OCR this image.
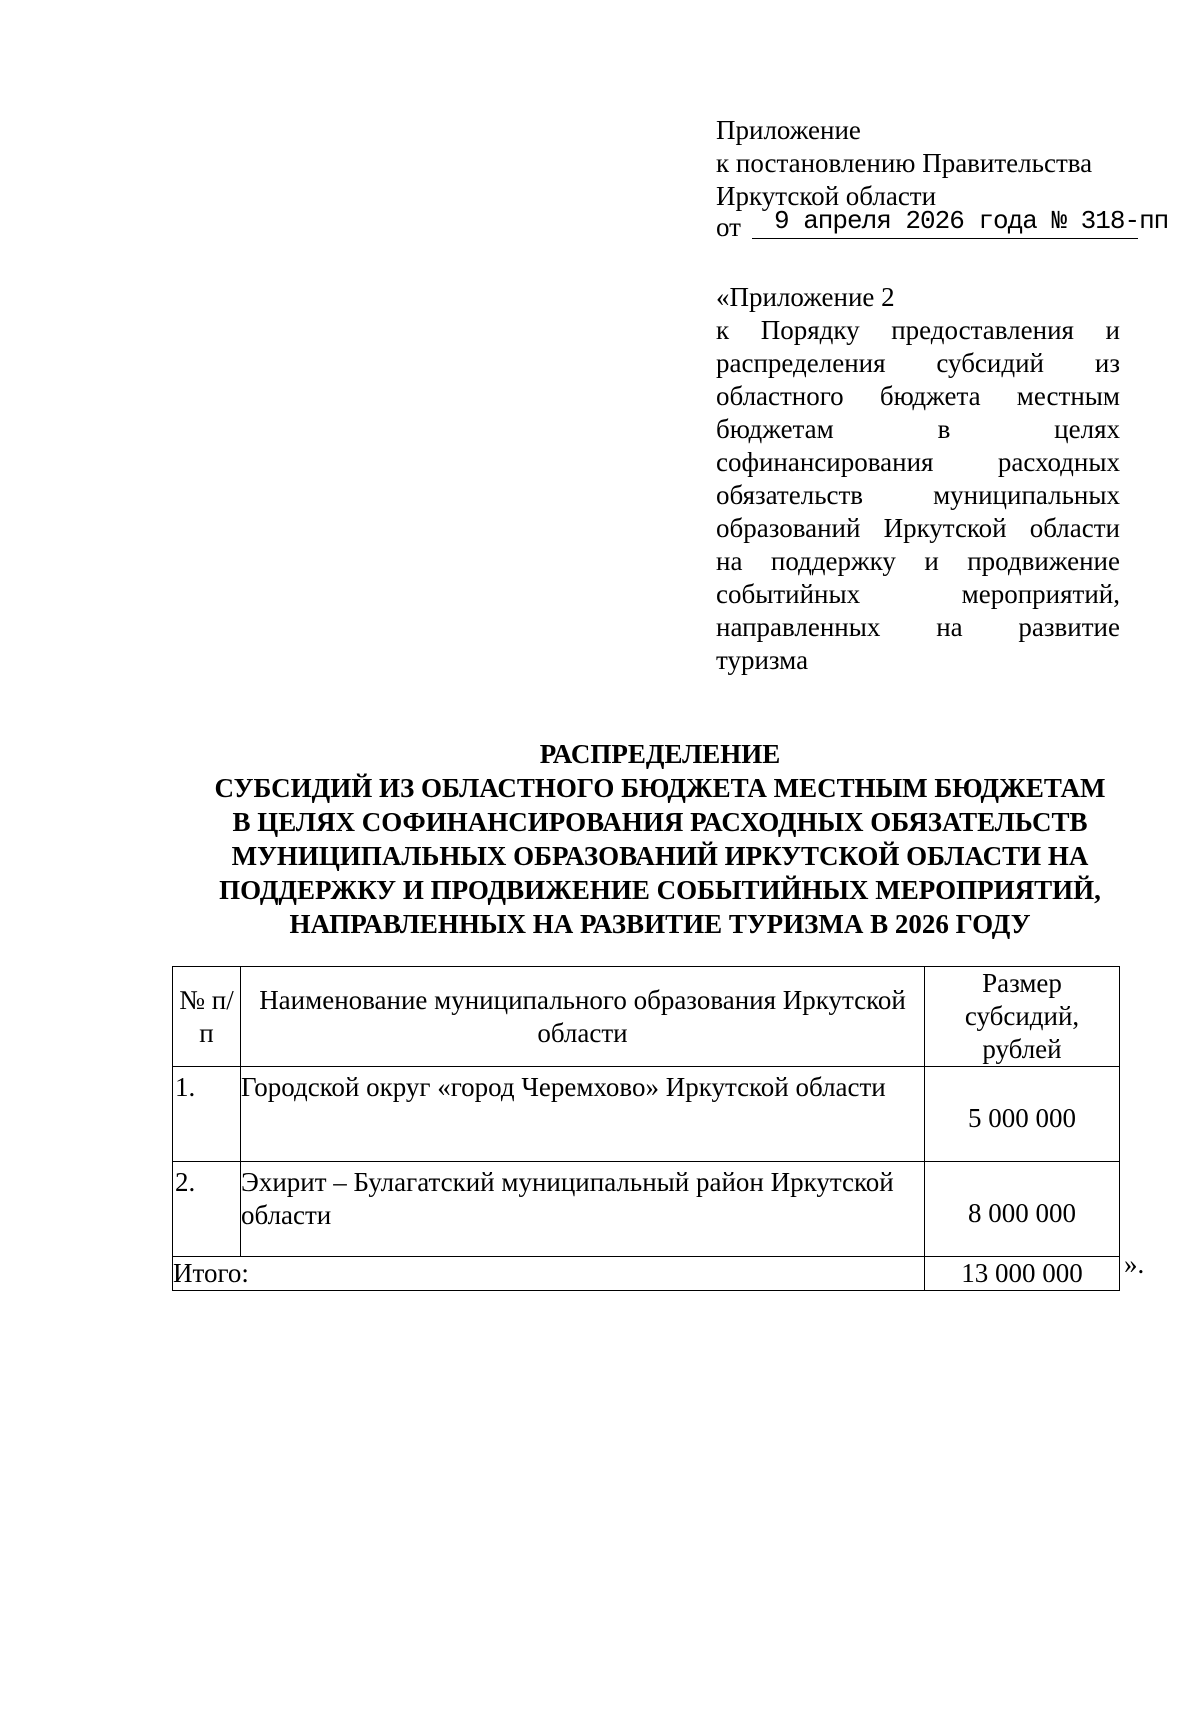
Приложение
к постановлению Правительства
Иркутской области
от	9 апреля 2026 года № 318-пп
«Приложение 2
к Порядку предоставления и распределения субсидий из областного бюджета местным бюджетам в целях софинансирования расходных обязательств муниципальных образований Иркутской области на поддержку и продвижение событийных мероприятий, направленных на развитие туризма
РАСПРЕДЕЛЕНИЕ
СУБСИДИЙ ИЗ ОБЛАСТНОГО БЮДЖЕТА МЕСТНЫМ БЮДЖЕТАМ
В ЦЕЛЯХ СОФИНАНСИРОВАНИЯ РАСХОДНЫХ ОБЯЗАТЕЛЬСТВ
МУНИЦИПАЛЬНЫХ ОБРАЗОВАНИЙ ИРКУТСКОЙ ОБЛАСТИ НА
ПОДДЕРЖКУ И ПРОДВИЖЕНИЕ СОБЫТИЙНЫХ МЕРОПРИЯТИЙ,
НАПРАВЛЕННЫХ НА РАЗВИТИЕ ТУРИЗМА В 2026 ГОДУ
№ п/п	Наименование муниципального образования Иркутской области	Размер субсидий, рублей

1.	Городской округ «город Черемхово» Иркутской области	5 000 000
2.	Эхирит – Булагатский муниципальный район Иркутской области	8 000 000
Итого:		13 000 000 ».
